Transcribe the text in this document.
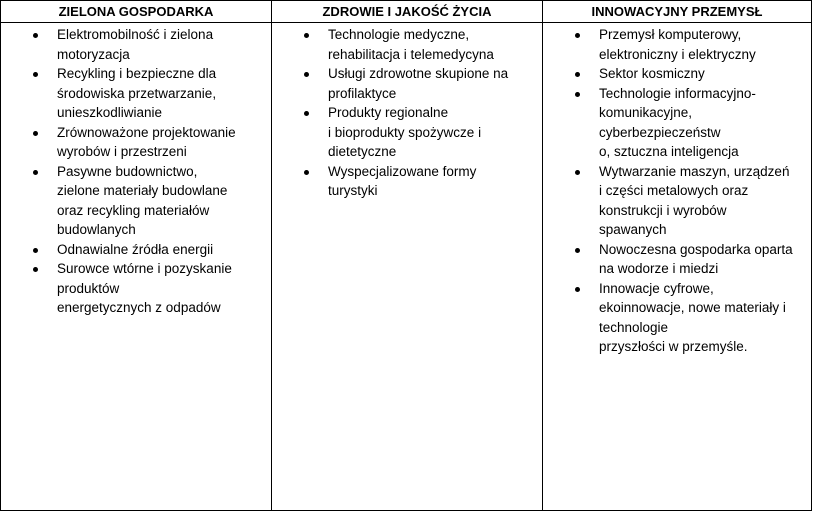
ZIELONA GOSPODARKA	ZDROWIE I JAKOŚĆ ŻYCIA	INNOWACYJNY PRZEMYSŁ
Elektromobilność i zielona
motoryzacja
Recykling i bezpieczne dla
środowiska przetwarzanie,
unieszkodliwianie
Zrównoważone projektowanie
wyrobów i przestrzeni
Pasywne budownictwo,
zielone materiały budowlane
oraz recykling materiałów
budowlanych
Odnawialne źródła energii
Surowce wtórne i pozyskanie
produktów
energetycznych z odpadów
Technologie medyczne,
rehabilitacja i telemedycyna
Usługi zdrowotne skupione na
profilaktyce
Produkty regionalne
i bioprodukty spożywcze i
dietetyczne
Wyspecjalizowane formy
turystyki
Przemysł komputerowy,
elektroniczny i elektryczny
Sektor kosmiczny
Technologie informacyjno-
komunikacyjne,
cyberbezpieczeństw
o, sztuczna inteligencja
Wytwarzanie maszyn, urządzeń
i części metalowych oraz
konstrukcji i wyrobów
spawanych
Nowoczesna gospodarka oparta
na wodorze i miedzi
Innowacje cyfrowe,
ekoinnowacje, nowe materiały i
technologie
przyszłości w przemyśle.
